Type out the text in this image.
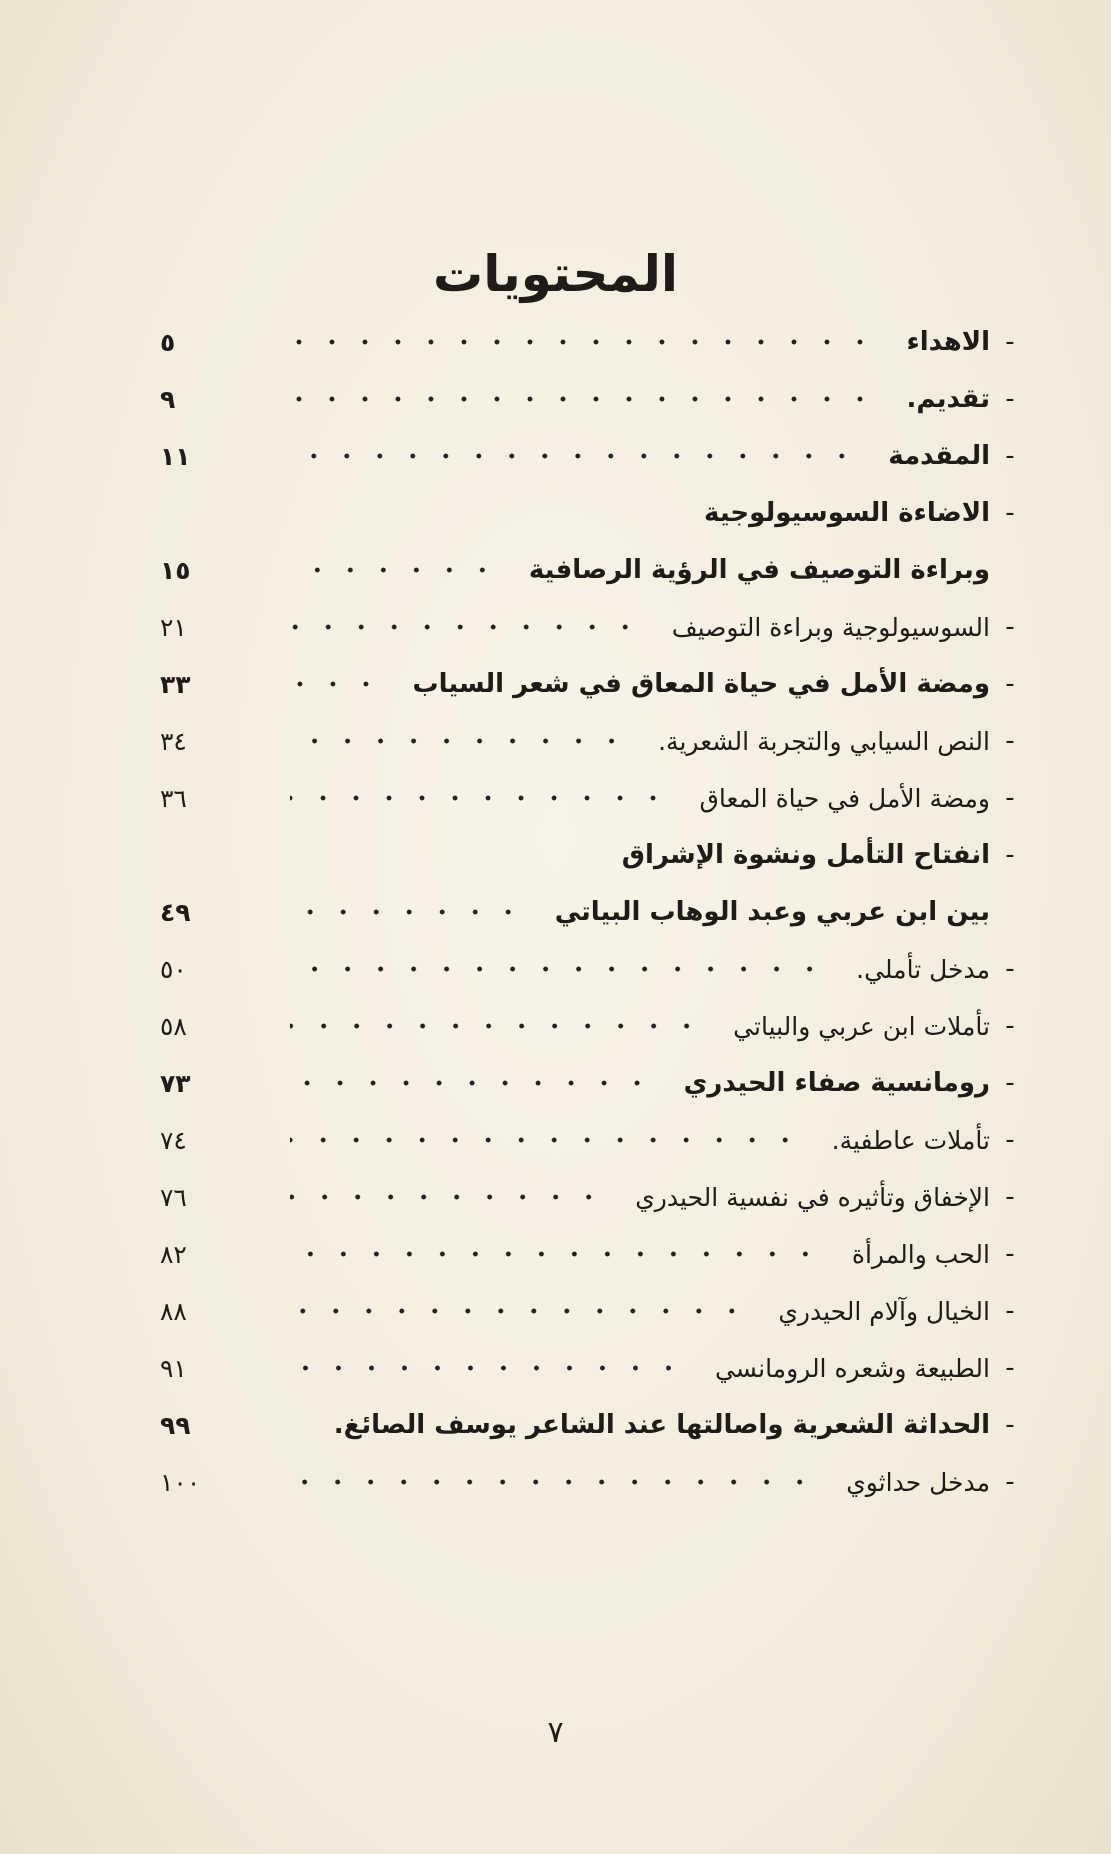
المحتويات
-
الاهداء
٥
-
تقديم.
٩
-
المقدمة
١١
-
الاضاءة السوسيولوجية
وبراءة التوصيف في الرؤية الرصافية
١٥
-
السوسيولوجية وبراءة التوصيف
٢١
-
ومضة الأمل في حياة المعاق في شعر السياب
٣٣
-
النص السيابي والتجربة الشعرية.
٣٤
-
ومضة الأمل في حياة المعاق
٣٦
-
انفتاح التأمل ونشوة الإشراق
بين ابن عربي وعبد الوهاب البياتي
٤٩
-
مدخل تأملي.
٥٠
-
تأملات ابن عربي والبياتي
٥٨
-
رومانسية صفاء الحيدري
٧٣
-
تأملات عاطفية.
٧٤
-
الإخفاق وتأثيره في نفسية الحيدري
٧٦
-
الحب والمرأة
٨٢
-
الخيال وآلام الحيدري
٨٨
-
الطبيعة وشعره الرومانسي
٩١
-
الحداثة الشعرية واصالتها عند الشاعر يوسف الصائغ.
٩٩
-
مدخل حداثوي
١٠٠

٧
